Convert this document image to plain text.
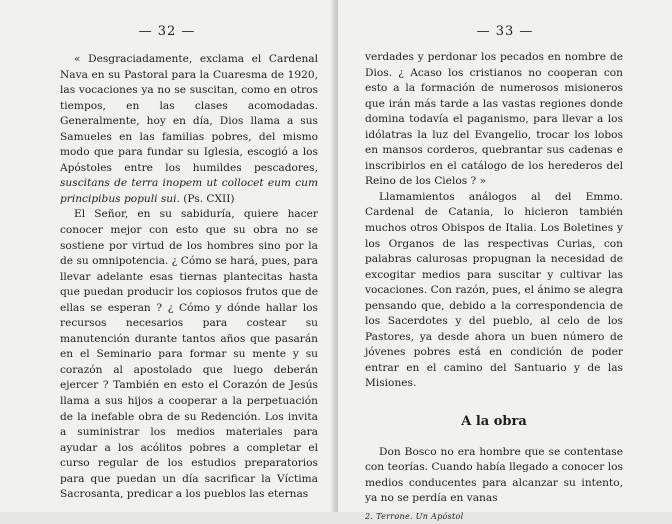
— 32 —

« Desgraciadamente, exclama el Cardenal Nava en su Pastoral para la Cuaresma de 1920, las vocaciones ya no se suscitan, como en otros tiempos, en las clases acomodadas. Generalmente, hoy en día, Dios llama a sus Samueles en las familias pobres, del mismo modo que para fundar su Iglesia, escogió a los Apóstoles entre los humildes pescadores, suscitans de terra inopem ut collocet eum cum principibus populi sui. (Ps. CXII)

El Señor, en su sabiduría, quiere hacer conocer mejor con esto que su obra no se sostiene por virtud de los hombres sino por la de su omnipotencia. ¿ Cómo se hará, pues, para llevar adelante esas tiernas plantecitas hasta que puedan producir los copiosos frutos que de ellas se esperan ? ¿ Cómo y dónde hallar los recursos necesarios para costear su manutención durante tantos años que pasarán en el Seminario para formar su mente y su corazón al apostolado que luego deberán ejercer ? También en esto el Corazón de Jesús llama a sus hijos a cooperar a la perpetuación de la inefable obra de su Redención. Los invita a suministrar los medios materiales para ayudar a los acólitos pobres a completar el curso regular de los estudios preparatorios para que puedan un día sacrificar la Víctima Sacrosanta, predicar a los pueblos las eternas

— 33 —

verdades y perdonar los pecados en nombre de Dios. ¿ Acaso los cristianos no cooperan con esto a la formación de numerosos misioneros que irán más tarde a las vastas regiones donde domina todavía el paganismo, para llevar a los idólatras la luz del Evangelio, trocar los lobos en mansos corderos, quebrantar sus cadenas e inscribirlos en el catálogo de los herederos del Reino de los Cielos ? »

Llamamientos análogos al del Emmo. Cardenal de Catania, lo hicieron también muchos otros Obispos de Italia. Los Boletines y los Organos de las respectivas Curias, con palabras calurosas propugnan la necesidad de excogitar medios para suscitar y cultivar las vocaciones. Con razón, pues, el ánimo se alegra pensando que, debido a la correspondencia de los Sacerdotes y del pueblo, al celo de los Pastores, ya desde ahora un buen número de jóvenes pobres está en condición de poder entrar en el camino del Santuario y de las Misiones.

A la obra

Don Bosco no era hombre que se contentase con teorías. Cuando había llegado a conocer los medios conducentes para alcanzar su intento, ya no se perdía en vanas

2. Terrone. Un Apóstol
